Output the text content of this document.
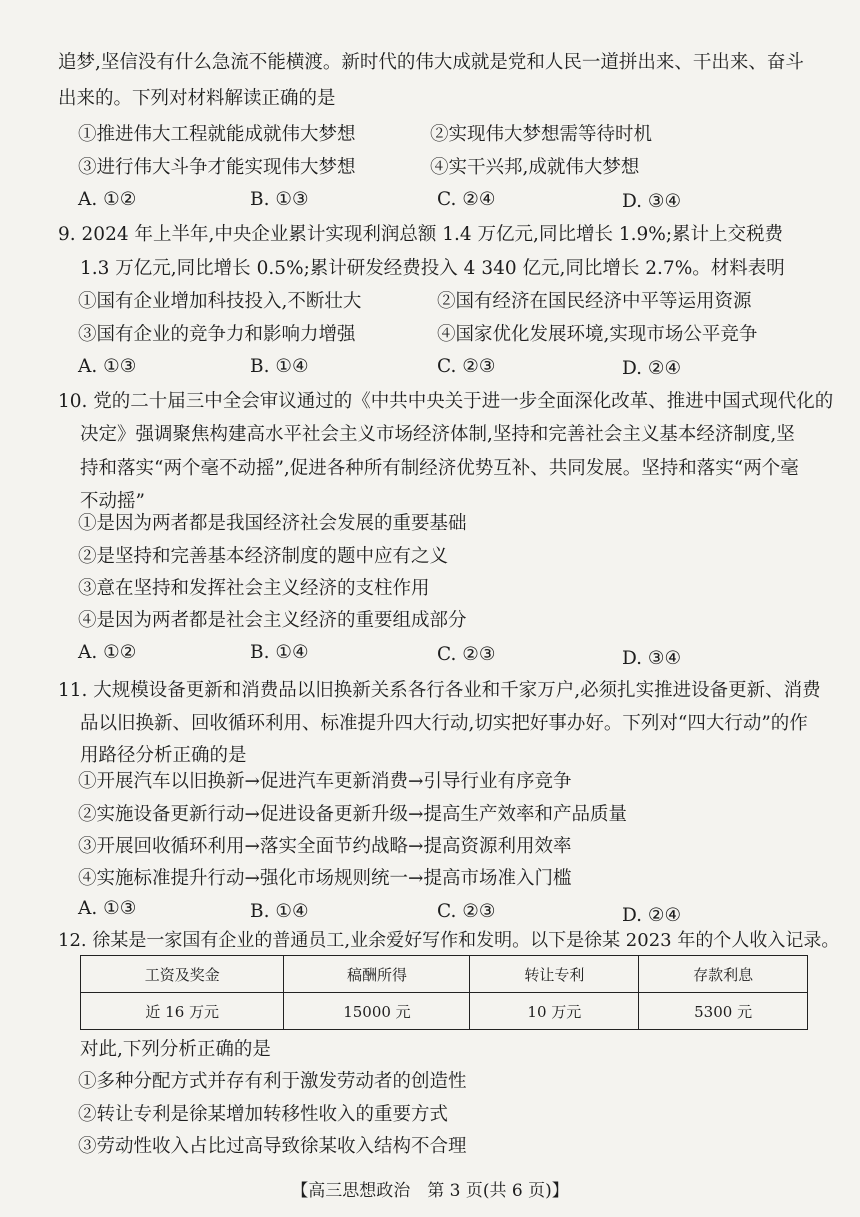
追梦,坚信没有什么急流不能横渡。新时代的伟大成就是党和人民一道拼出来、干出来、奋斗
出来的。下列对材料解读正确的是
①推进伟大工程就能成就伟大梦想	②实现伟大梦想需等待时机
③进行伟大斗争才能实现伟大梦想	④实干兴邦,成就伟大梦想
A. ①②	B. ①③	C. ②④	D. ③④
9. 2024 年上半年,中央企业累计实现利润总额 1.4 万亿元,同比增长 1.9%;累计上交税费
1.3 万亿元,同比增长 0.5%;累计研发经费投入 4 340 亿元,同比增长 2.7%。材料表明
①国有企业增加科技投入,不断壮大	②国有经济在国民经济中平等运用资源
③国有企业的竞争力和影响力增强	④国家优化发展环境,实现市场公平竞争
A. ①③	B. ①④	C. ②③	D. ②④
10. 党的二十届三中全会审议通过的《中共中央关于进一步全面深化改革、推进中国式现代化的
决定》强调聚焦构建高水平社会主义市场经济体制,坚持和完善社会主义基本经济制度,坚
持和落实“两个毫不动摇”,促进各种所有制经济优势互补、共同发展。坚持和落实“两个毫
不动摇”
①是因为两者都是我国经济社会发展的重要基础
②是坚持和完善基本经济制度的题中应有之义
③意在坚持和发挥社会主义经济的支柱作用
④是因为两者都是社会主义经济的重要组成部分
A. ①②	B. ①④	C. ②③	D. ③④
11. 大规模设备更新和消费品以旧换新关系各行各业和千家万户,必须扎实推进设备更新、消费
品以旧换新、回收循环利用、标准提升四大行动,切实把好事办好。下列对“四大行动”的作
用路径分析正确的是
①开展汽车以旧换新→促进汽车更新消费→引导行业有序竞争
②实施设备更新行动→促进设备更新升级→提高生产效率和产品质量
③开展回收循环利用→落实全面节约战略→提高资源利用效率
④实施标准提升行动→强化市场规则统一→提高市场准入门槛
A. ①③	B. ①④	C. ②③	D. ②④
12. 徐某是一家国有企业的普通员工,业余爱好写作和发明。以下是徐某 2023 年的个人收入记录。
工资及奖金	稿酬所得	转让专利	存款利息
近 16 万元	15000 元	10 万元	5300 元
对此,下列分析正确的是
①多种分配方式并存有利于激发劳动者的创造性
②转让专利是徐某增加转移性收入的重要方式
③劳动性收入占比过高导致徐某收入结构不合理
【高三思想政治　第 3 页(共 6 页)】
